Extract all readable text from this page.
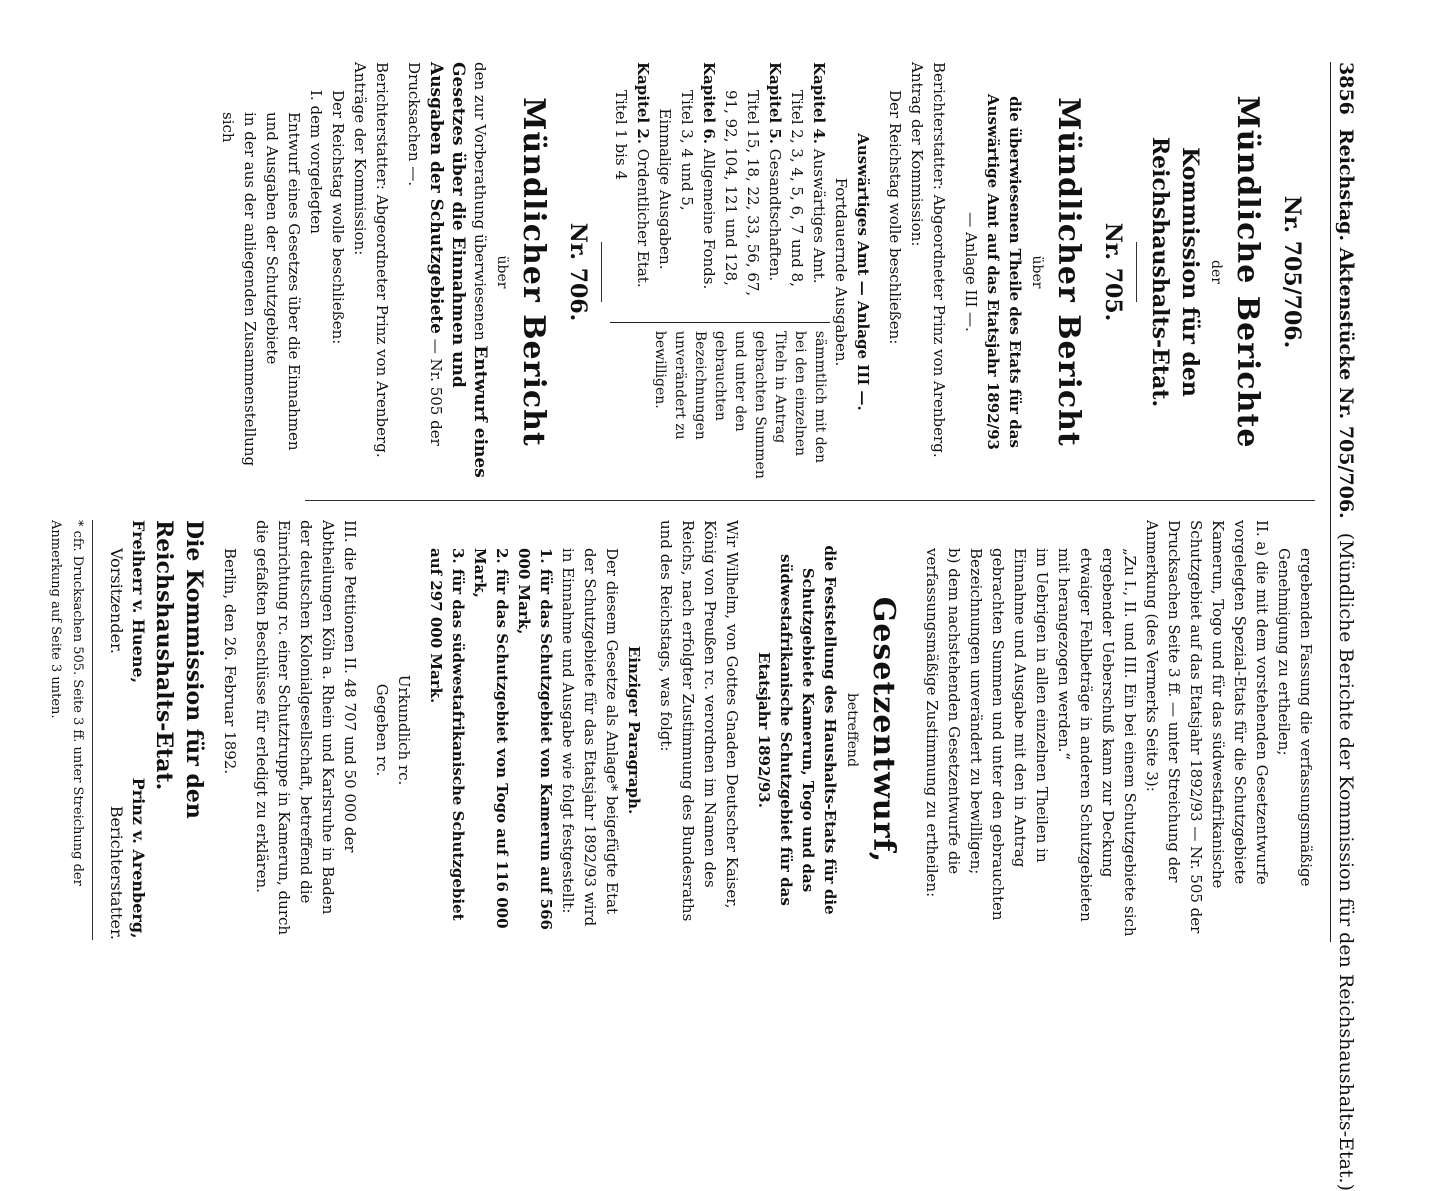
3856
Reichstag. Aktenstücke Nr. 705/706.
(Mündliche Berichte der Kommission für den Reichshaushalts-Etat.)

Nr. 705/706.

Mündliche Berichte

der

Kommission für den Reichshaushalts-Etat.

Nr. 705.

Mündlicher Bericht

über

die überwiesenen Theile des Etats für das Auswärtige Amt auf das Etatsjahr 1892/93

— Anlage III —.

Berichterstatter: Abgeordneter Prinz von Arenberg.

Antrag der Kommission:

Der Reichstag wolle beschließen:

Auswärtiges Amt — Anlage III —.

Fortdauernde Ausgaben.

Kapitel 4. Auswärtiges Amt.

Titel 2, 3, 4, 5, 6, 7 und 8,

Kapitel 5. Gesandtschaften.

Titel 15, 18, 22, 33, 56, 67, 91, 92, 104, 121 und 128,

Kapitel 6. Allgemeine Fonds.

Titel 3, 4 und 5,

Einmalige Ausgaben.

Kapitel 2. Ordentlicher Etat.

Titel 1 bis 4

	sämmtlich mit den bei den einzelnen Titeln in Antrag gebrachten Summen und unter den gebrauchten Bezeichnungen unverändert zu bewilligen.

Nr. 706.

Mündlicher Bericht

über

den zur Vorberathung überwiesenen Entwurf eines Gesetzes über die Einnahmen und Ausgaben der Schutzgebiete — Nr. 505 der Drucksachen —.

Berichterstatter: Abgeordneter Prinz von Arenberg.

Anträge der Kommission:

Der Reichstag wolle beschließen:

I. dem vorgelegten

Entwurf eines Gesetzes über die Einnahmen und Ausgaben der Schutzgebiete

in der aus der anliegenden Zusammenstellung sich

ergebenden Fassung die verfassungsmäßige Genehmigung zu ertheilen;

II. a) die mit dem vorstehenden Gesetzentwurfe vorgelegten Spezial-Etats für die Schutzgebiete Kamerun, Togo und für das südwestafrikanische Schutzgebiet auf das Etatsjahr 1892/93 — Nr. 505 der Drucksachen Seite 3 ff. — unter Streichung der Anmerkung (des Vermerks Seite 3):

„Zu I., II. und III. Ein bei einem Schutzgebiete sich ergebender Ueberschuß kann zur Deckung etwaiger Fehlbeträge in anderen Schutzgebieten mit herangezogen werden.“

im Uebrigen in allen einzelnen Theilen in Einnahme und Ausgabe mit den in Antrag gebrachten Summen und unter den gebrauchten Bezeichnungen unverändert zu bewilligen;

b) dem nachstehenden Gesetzentwurfe die verfassungsmäßige Zustimmung zu ertheilen:

Gesetzentwurf,

betreffend

die Feststellung des Haushalts-Etats für die Schutzgebiete Kamerun, Togo und das südwestafrikanische Schutzgebiet für das Etatsjahr 1892/93.

Wir Wilhelm, von Gottes Gnaden Deutscher Kaiser, König von Preußen rc. verordnen im Namen des Reichs, nach erfolgter Zustimmung des Bundesraths und des Reichstags, was folgt:

Einziger Paragraph.

Der diesem Gesetze als Anlage* beigefügte Etat der Schutzgebiete für das Etatsjahr 1892/93 wird in Einnahme und Ausgabe wie folgt festgestellt:

1. für das Schutzgebiet von Kamerun auf 566 000 Mark,

2. für das Schutzgebiet von Togo auf 116 000 Mark,

3. für das südwestafrikanische Schutzgebiet auf 297 000 Mark.

Urkundlich rc.

Gegeben rc.

III. die Petitionen II. 48 707 und 50 000 der Abtheilungen Köln a. Rhein und Karlsruhe in Baden der deutschen Kolonialgesellschaft, betreffend die Einrichtung rc. einer Schutztruppe in Kamerun, durch die gefaßten Beschlüsse für erledigt zu erklären.

Berlin, den 26. Februar 1892.

Die Kommission für den Reichshaushalts-Etat.

Freiherr v. Huene,

Vorsitzender.

Prinz v. Arenberg,

Berichterstatter.

* cfr. Drucksachen 505. Seite 3 ff. unter Streichung der Anmerkung auf Seite 3 unten.
